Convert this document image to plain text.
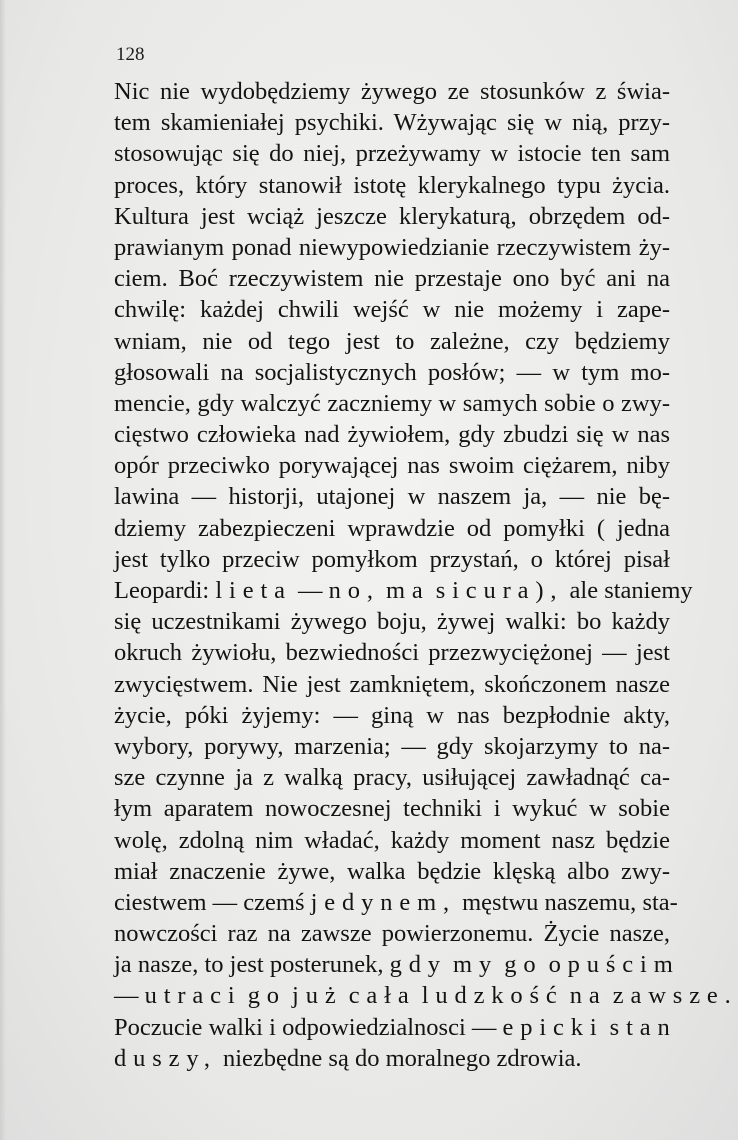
128
Nic nie wydobędziemy żywego ze stosunków z świa-
tem skamieniałej psychiki. Wżywając się w nią, przy-
stosowując się do niej, przeżywamy w istocie ten sam
proces, który stanowił istotę klerykalnego typu życia.
Kultura jest wciąż jeszcze klerykaturą, obrzędem od-
prawianym ponad niewypowiedzianie rzeczywistem ży-
ciem. Boć rzeczywistem nie przestaje ono być ani na
chwilę: każdej chwili wejść w nie możemy i zape-
wniam, nie od tego jest to zależne, czy będziemy
głosowali na socjalistycznych posłów; — w tym mo-
mencie, gdy walczyć zaczniemy w samych sobie o zwy-
cięstwo człowieka nad żywiołem, gdy zbudzi się w nas
opór przeciwko porywającej nas swoim ciężarem, niby
lawina — historji, utajonej w naszem ja, — nie bę-
dziemy zabezpieczeni wprawdzie od pomyłki ( jedna
jest tylko przeciw pomyłkom przystań, o której pisał
Leopardi: lieta — no, ma sicura), ale staniemy
się uczestnikami żywego boju, żywej walki: bo każdy
okruch żywiołu, bezwiedności przezwyciężonej — jest
zwycięstwem. Nie jest zamkniętem, skończonem nasze
życie, póki żyjemy: — giną w nas bezpłodnie akty,
wybory, porywy, marzenia; — gdy skojarzymy to na-
sze czynne ja z walką pracy, usiłującej zawładnąć ca-
łym aparatem nowoczesnej techniki i wykuć w sobie
wolę, zdolną nim władać, każdy moment nasz będzie
miał znaczenie żywe, walka będzie klęską albo zwy-
ciestwem — czemś jedynem, męstwu naszemu, sta-
nowczości raz na zawsze powierzonemu. Życie nasze,
ja nasze, to jest posterunek, gdy my go opuścim
— utraci go już cała ludzkość na zawsze.
Poczucie walki i odpowiedzialnosci — epicki stan
duszy, niezbędne są do moralnego zdrowia.
